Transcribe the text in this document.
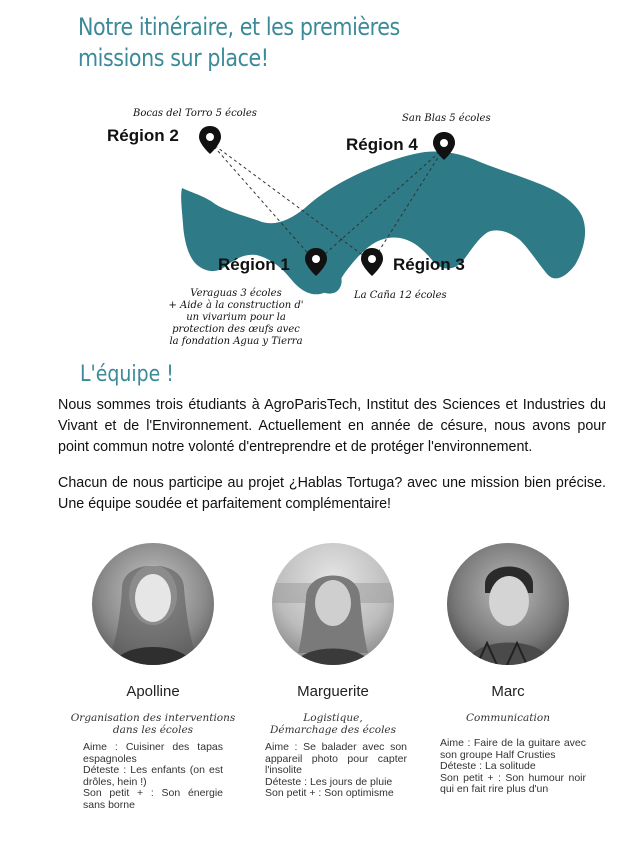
Notre itinéraire, et les premières missions sur place!
Bocas del Torro 5 écoles
Région 2
San Blas 5 écoles
Région 4
Région 1	Région 3
Veraguas 3 écoles
+ Aide à la construction d'
un vivarium pour la
protection des œufs avec
la fondation Agua y Tierra
La Caña 12 écoles
L'équipe !

Nous sommes trois étudiants à AgroParisTech, Institut des Sciences et Industries du Vivant et de l'Environnement. Actuellement en année de césure, nous avons pour point commun notre volonté d'entreprendre et de protéger l'environnement.

Chacun de nous participe au projet ¿Hablas Tortuga? avec une mission bien précise. Une équipe soudée et parfaitement complémentaire!

Apolline
Organisation des interventions
dans les écoles
Aime : Cuisiner des tapas espagnoles
Déteste : Les enfants (on est drôles, hein !)
Son petit + : Son énergie sans borne
Marguerite
Logistique,
Démarchage des écoles
Aime : Se balader avec son appareil photo pour capter l'insolite
Déteste : Les jours de pluie
Son petit + : Son optimisme
Marc
Communication
Aime : Faire de la guitare avec son groupe Half Crusties
Déteste : La solitude
Son petit + : Son humour noir qui en fait rire plus d'un
